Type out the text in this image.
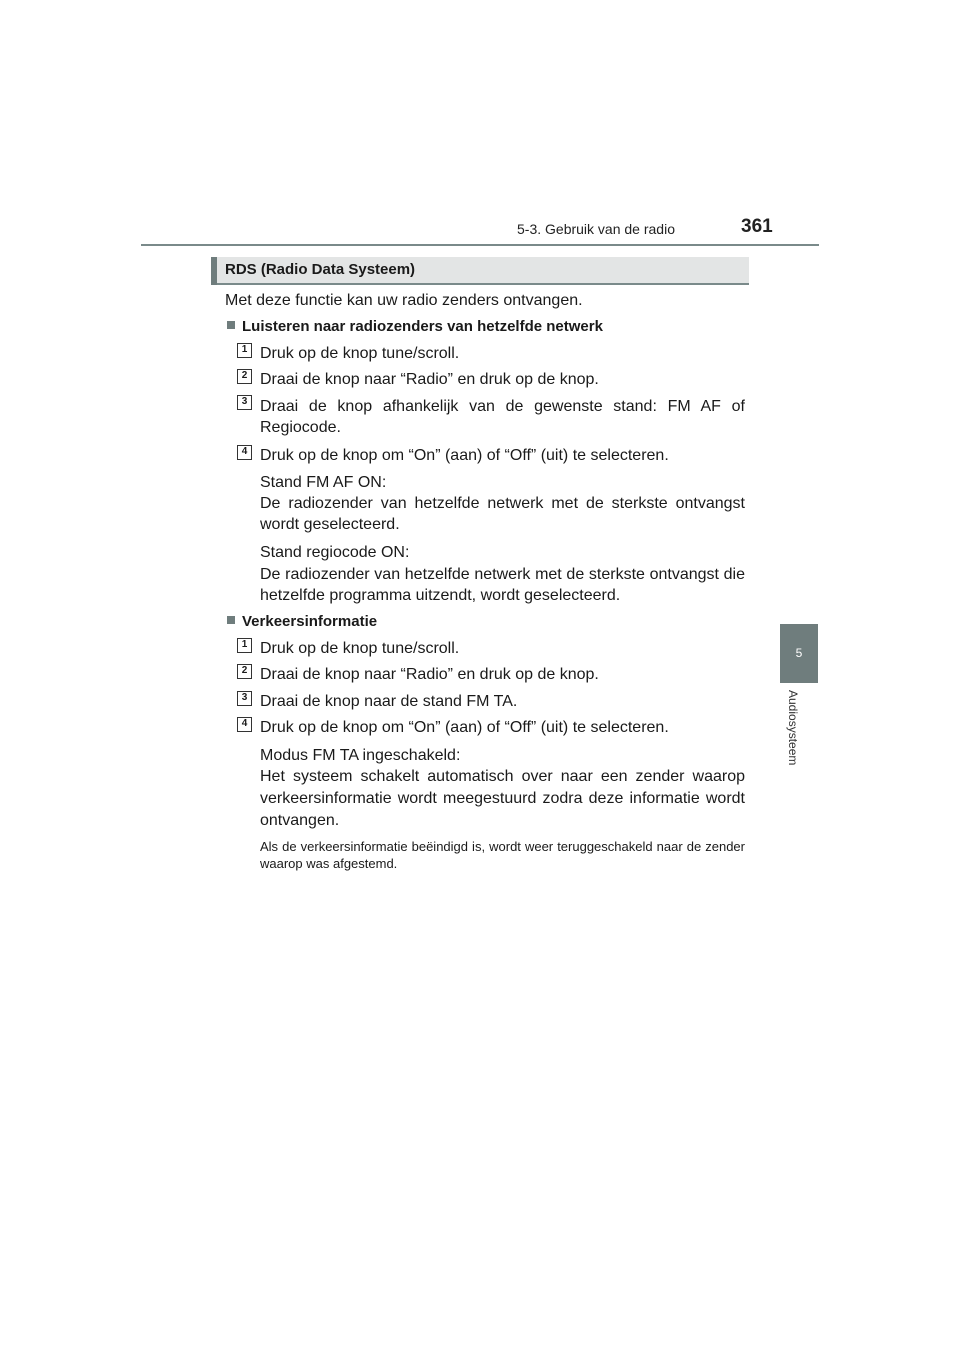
5-3. Gebruik van de radio	361
5
Audiosysteem
RDS (Radio Data Systeem)
Met deze functie kan uw radio zenders ontvangen.
Luisteren naar radiozenders van hetzelfde netwerk
1 Druk op de knop tune/scroll.
2 Draai de knop naar “Radio” en druk op de knop.
3 Draai de knop afhankelijk van de gewenste stand: FM AF of Regiocode.
4 Druk op de knop om “On” (aan) of “Off” (uit) te selecteren.
Stand FM AF ON:
De radiozender van hetzelfde netwerk met de sterkste ontvangst wordt geselecteerd.
Stand regiocode ON:
De radiozender van hetzelfde netwerk met de sterkste ontvangst die hetzelfde programma uitzendt, wordt geselecteerd.
Verkeersinformatie
1 Druk op de knop tune/scroll.
2 Draai de knop naar “Radio” en druk op de knop.
3 Draai de knop naar de stand FM TA.
4 Druk op de knop om “On” (aan) of “Off” (uit) te selecteren.
Modus FM TA ingeschakeld:
Het systeem schakelt automatisch over naar een zender waarop verkeersinformatie wordt meegestuurd zodra deze informatie wordt ontvangen.
Als de verkeersinformatie beëindigd is, wordt weer teruggeschakeld naar de zender waarop was afgestemd.
